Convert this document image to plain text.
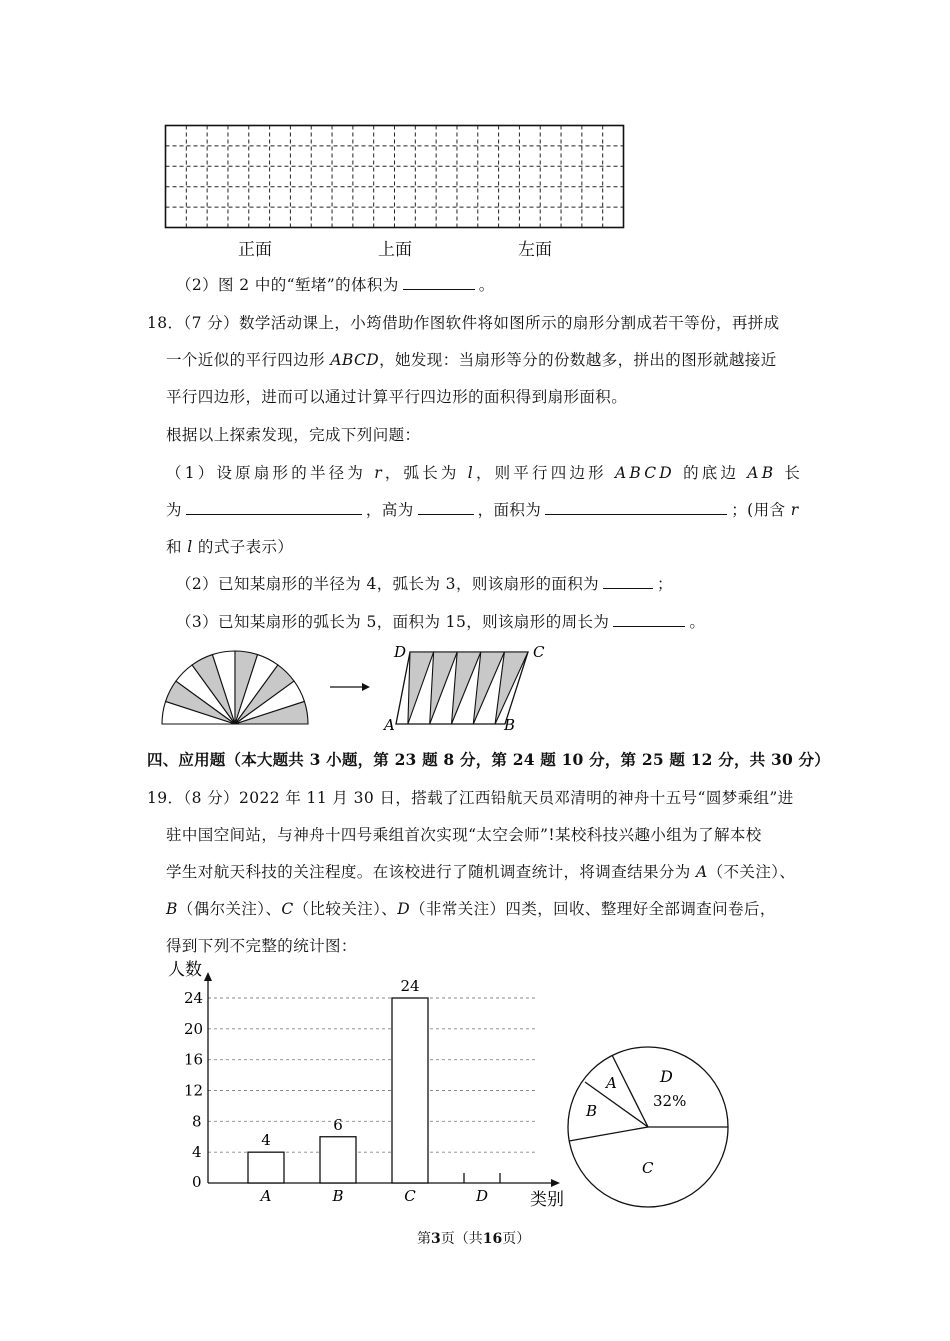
正面	上面	左面
（2）图 2 中的“堑堵”的体积为	。
18．（7 分）数学活动课上，小筠借助作图软件将如图所示的扇形分割成若干等份，再拼成
一个近似的平行四边形 ABCD，她发现：当扇形等分的份数越多，拼出的图形就越接近
平行四边形，进而可以通过计算平行四边形的面积得到扇形面积。
根据以上探索发现，完成下列问题：
（1）设原扇形的半径为 r，弧长为 l，则平行四边形 ABCD 的底边 AB 长
为	，高为	，面积为	；(用含 r
和 l 的式子表示）
（2）已知某扇形的半径为 4，弧长为 3，则该扇形的面积为	；
（3）已知某扇形的弧长为 5，面积为 15，则该扇形的周长为	。
D	C
A	B
四、应用题（本大题共 3 小题，第 23 题 8 分，第 24 题 10 分，第 25 题 12 分，共 30 分）
19．（8 分）2022 年 11 月 30 日，搭载了江西铅航天员邓清明的神舟十五号“圆梦乘组”进
驻中国空间站，与神舟十四号乘组首次实现“太空会师”!某校科技兴趣小组为了解本校
学生对航天科技的关注程度。在该校进行了随机调查统计，将调查结果分为 A（不关注）、
B（偶尔关注）、C（比较关注）、D（非常关注）四类，回收、整理好全部调查问卷后，
得到下列不完整的统计图：
人数
类别
0
4
8
12
16
20
24
A	B	C	D
4
6
24
D
32%
A
B
C
第3页（共16页）
